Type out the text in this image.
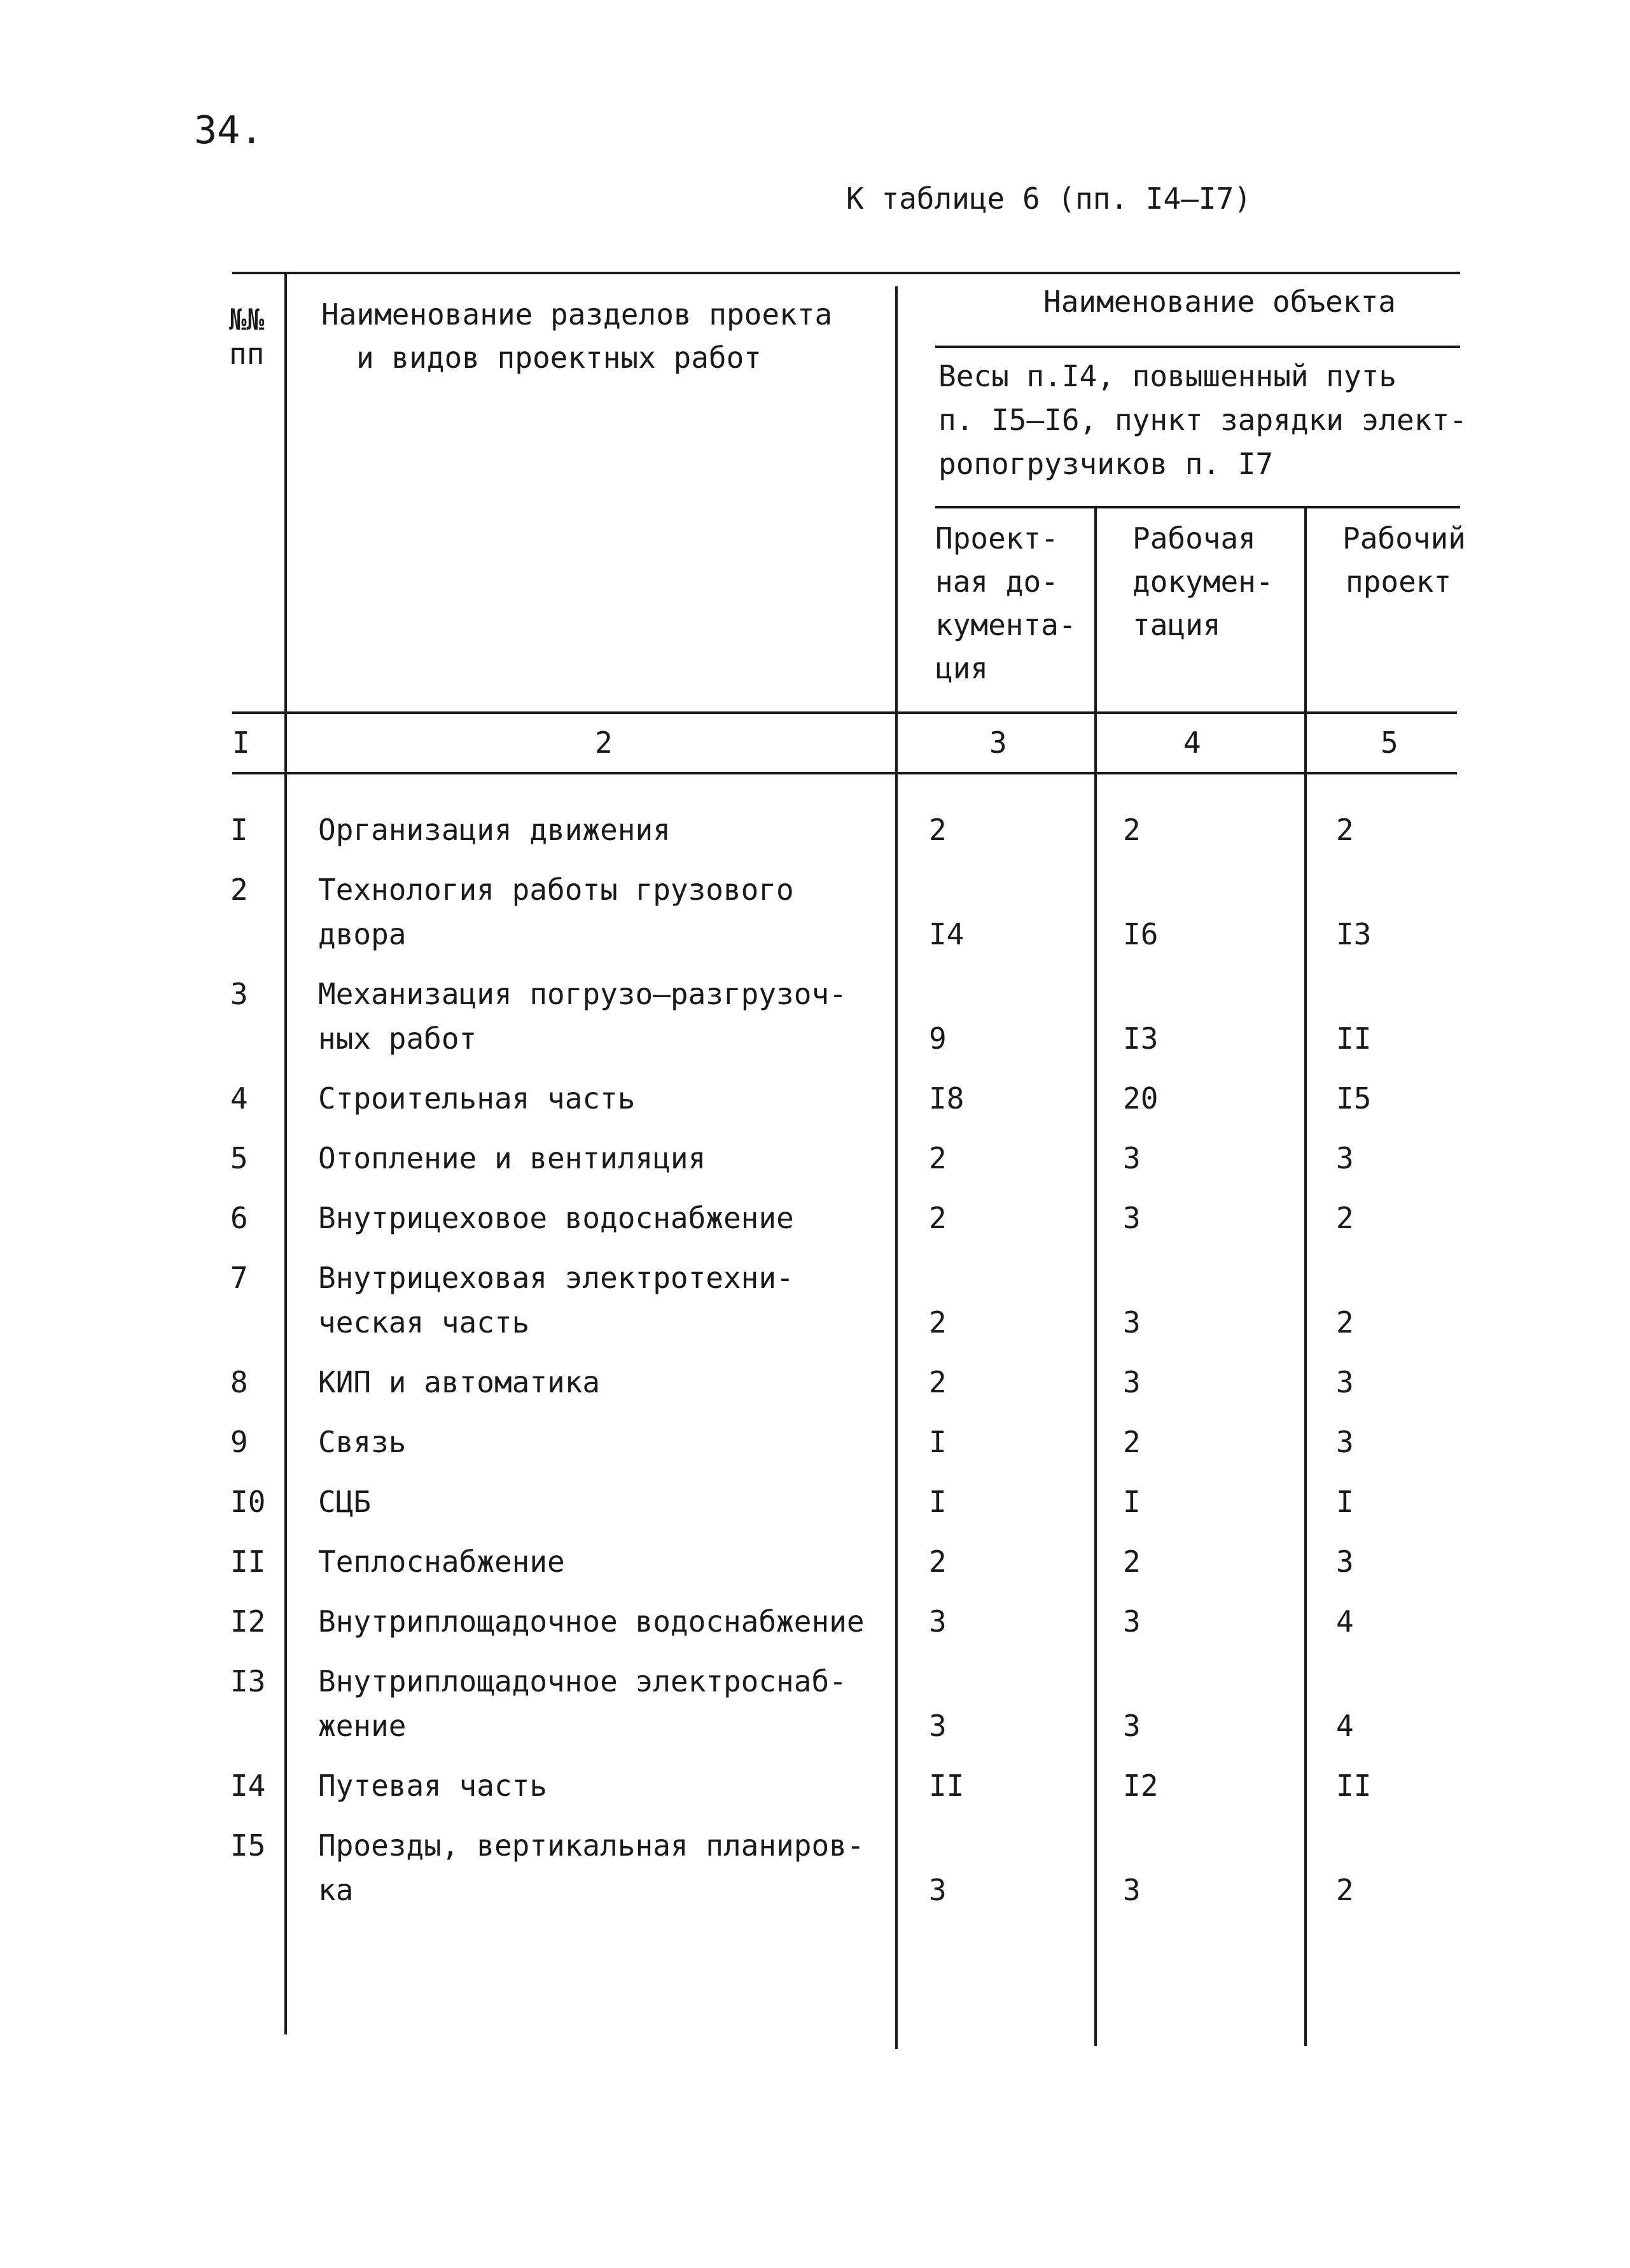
34.
К таблице 6 (пп. I4–I7)
№№
пп
Наименование разделов проекта
и видов проектных работ
Наименование объекта
Весы п.I4, повышенный путь
п. I5–I6, пункт зарядки элект-
ропогрузчиков п. I7
Проект-
ная до-
кумента-
ция
Рабочая
докумен-
тация
Рабочий
проект
I	2	3	4	5
I Организация движения	2	2	2
2 Технология работы грузового
двора	I4	I6	I3
3 Механизация погрузо–разгрузоч-
ных работ	9	I3	II
4 Строительная часть	I8	20	I5
5 Отопление и вентиляция	2	3	3
6 Внутрицеховое водоснабжение	2	3	2
7 Внутрицеховая электротехни-
ческая часть	2	3	2
8 КИП и автоматика	2	3	3
9 Связь	I	2	3
I0 СЦБ	I	I	I
II Теплоснабжение	2	2	3
I2 Внутриплощадочное водоснабжение 3	3	4
I3 Внутриплощадочное электроснаб-
жение	3	3	4
I4 Путевая часть	II	I2	II
I5 Проезды, вертикальная планиров-
ка	3	3	2
